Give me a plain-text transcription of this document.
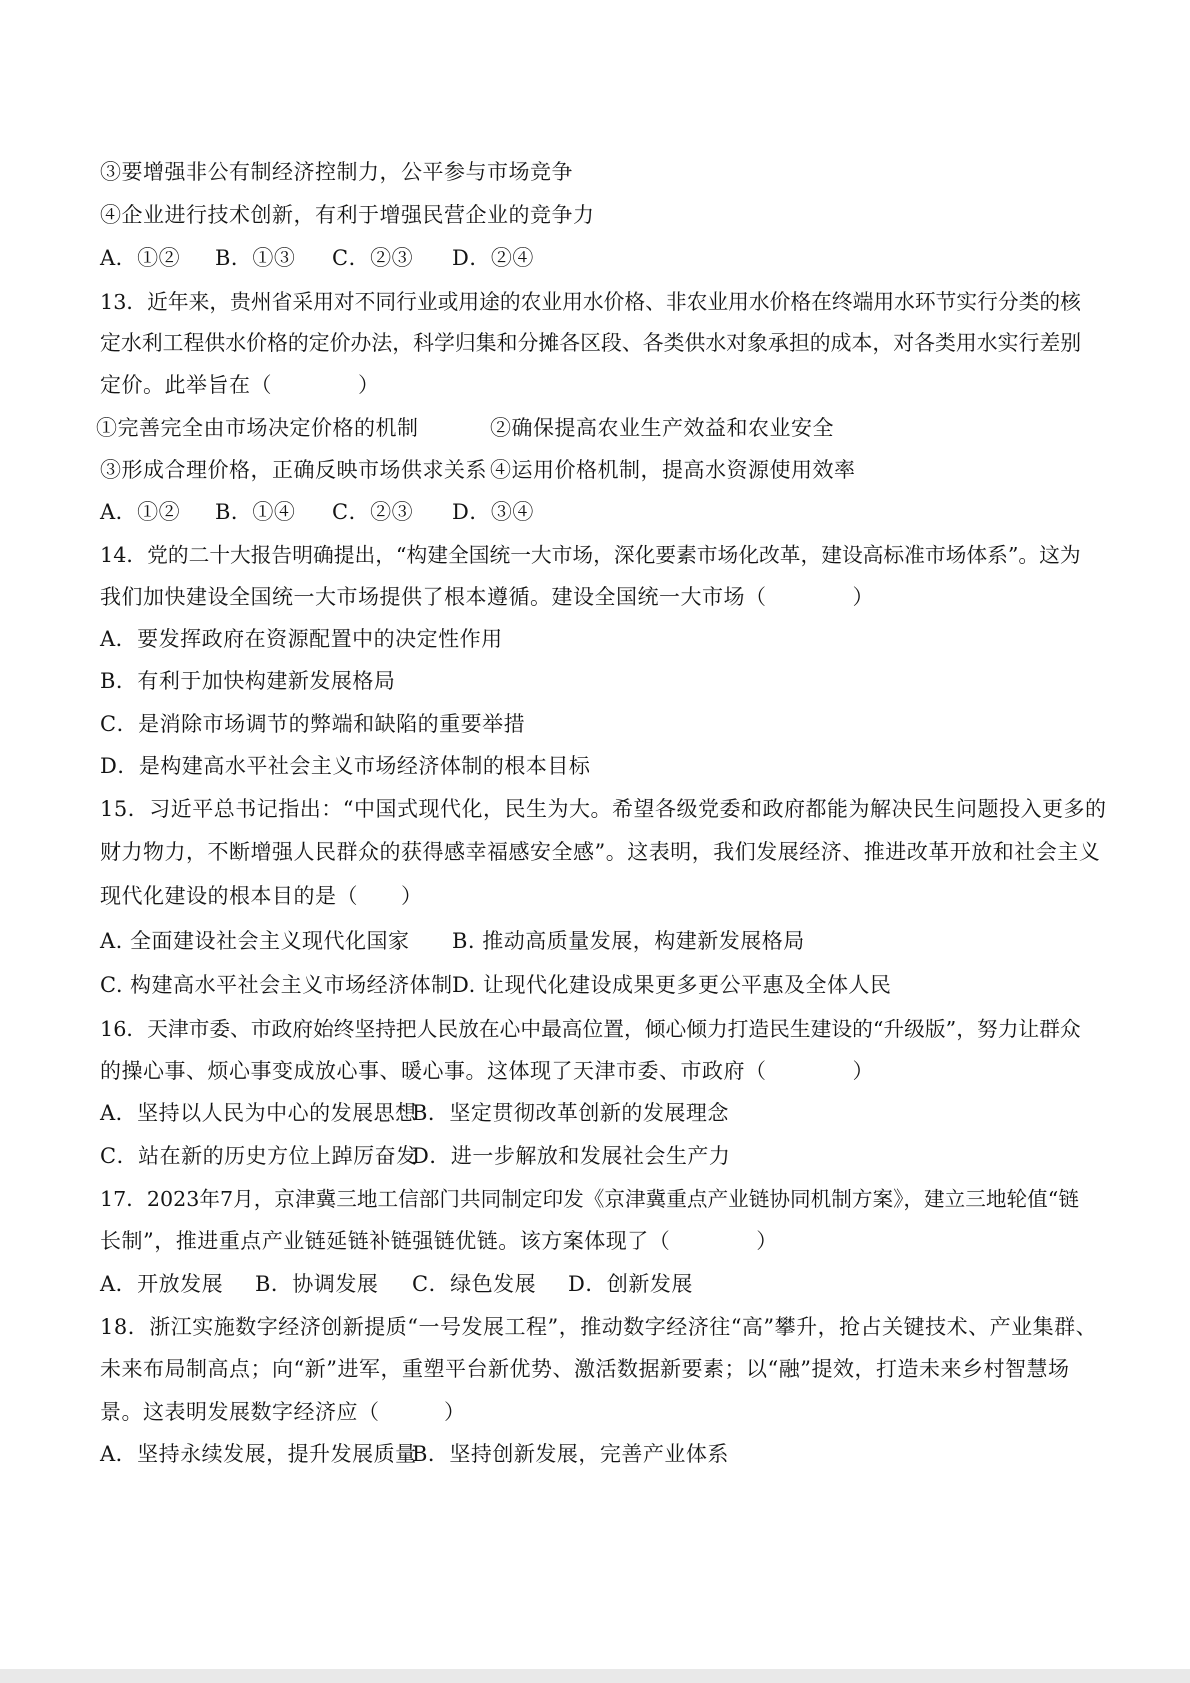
③要增强非公有制经济控制力，公平参与市场竞争
④企业进行技术创新，有利于增强民营企业的竞争力
A．①② B．①③ C．②③ D．②④
13．近年来，贵州省采用对不同行业或用途的农业用水价格、非农业用水价格在终端用水环节实行分类的核
定水利工程供水价格的定价办法，科学归集和分摊各区段、各类供水对象承担的成本，对各类用水实行差别
定价。此举旨在（　　　　）
①完善完全由市场决定价格的机制	②确保提高农业生产效益和农业安全
③形成合理价格，正确反映市场供求关系 ④运用价格机制，提高水资源使用效率
A．①② B．①④ C．②③ D．③④
14．党的二十大报告明确提出，“构建全国统一大市场，深化要素市场化改革，建设高标准市场体系”。这为
我们加快建设全国统一大市场提供了根本遵循。建设全国统一大市场（　　　　）
A．要发挥政府在资源配置中的决定性作用
B．有利于加快构建新发展格局
C．是消除市场调节的弊端和缺陷的重要举措
D．是构建高水平社会主义市场经济体制的根本目标
15．习近平总书记指出：“中国式现代化，民生为大。希望各级党委和政府都能为解决民生问题投入更多的
财力物力，不断增强人民群众的获得感幸福感安全感”。这表明，我们发展经济、推进改革开放和社会主义
现代化建设的根本目的是（　　）
A. 全面建设社会主义现代化国家 B. 推动高质量发展，构建新发展格局
C. 构建高水平社会主义市场经济体制 D. 让现代化建设成果更多更公平惠及全体人民
16．天津市委、市政府始终坚持把人民放在心中最高位置，倾心倾力打造民生建设的“升级版”，努力让群众
的操心事、烦心事变成放心事、暖心事。这体现了天津市委、市政府（　　　　）
A．坚持以人民为中心的发展思想
B．坚定贯彻改革创新的发展理念
C．站在新的历史方位上踔厉奋发
D．进一步解放和发展社会生产力
17．2023年7月，京津冀三地工信部门共同制定印发《京津冀重点产业链协同机制方案》，建立三地轮值“链
长制”，推进重点产业链延链补链强链优链。该方案体现了（　　　　）
A．开放发展 B．协调发展 C．绿色发展 D．创新发展
18．浙江实施数字经济创新提质“一号发展工程”，推动数字经济往“高”攀升，抢占关键技术、产业集群、
未来布局制高点；向“新”进军，重塑平台新优势、激活数据新要素；以“融”提效，打造未来乡村智慧场
景。这表明发展数字经济应（　　　）
A．坚持永续发展，提升发展质量
B．坚持创新发展，完善产业体系
